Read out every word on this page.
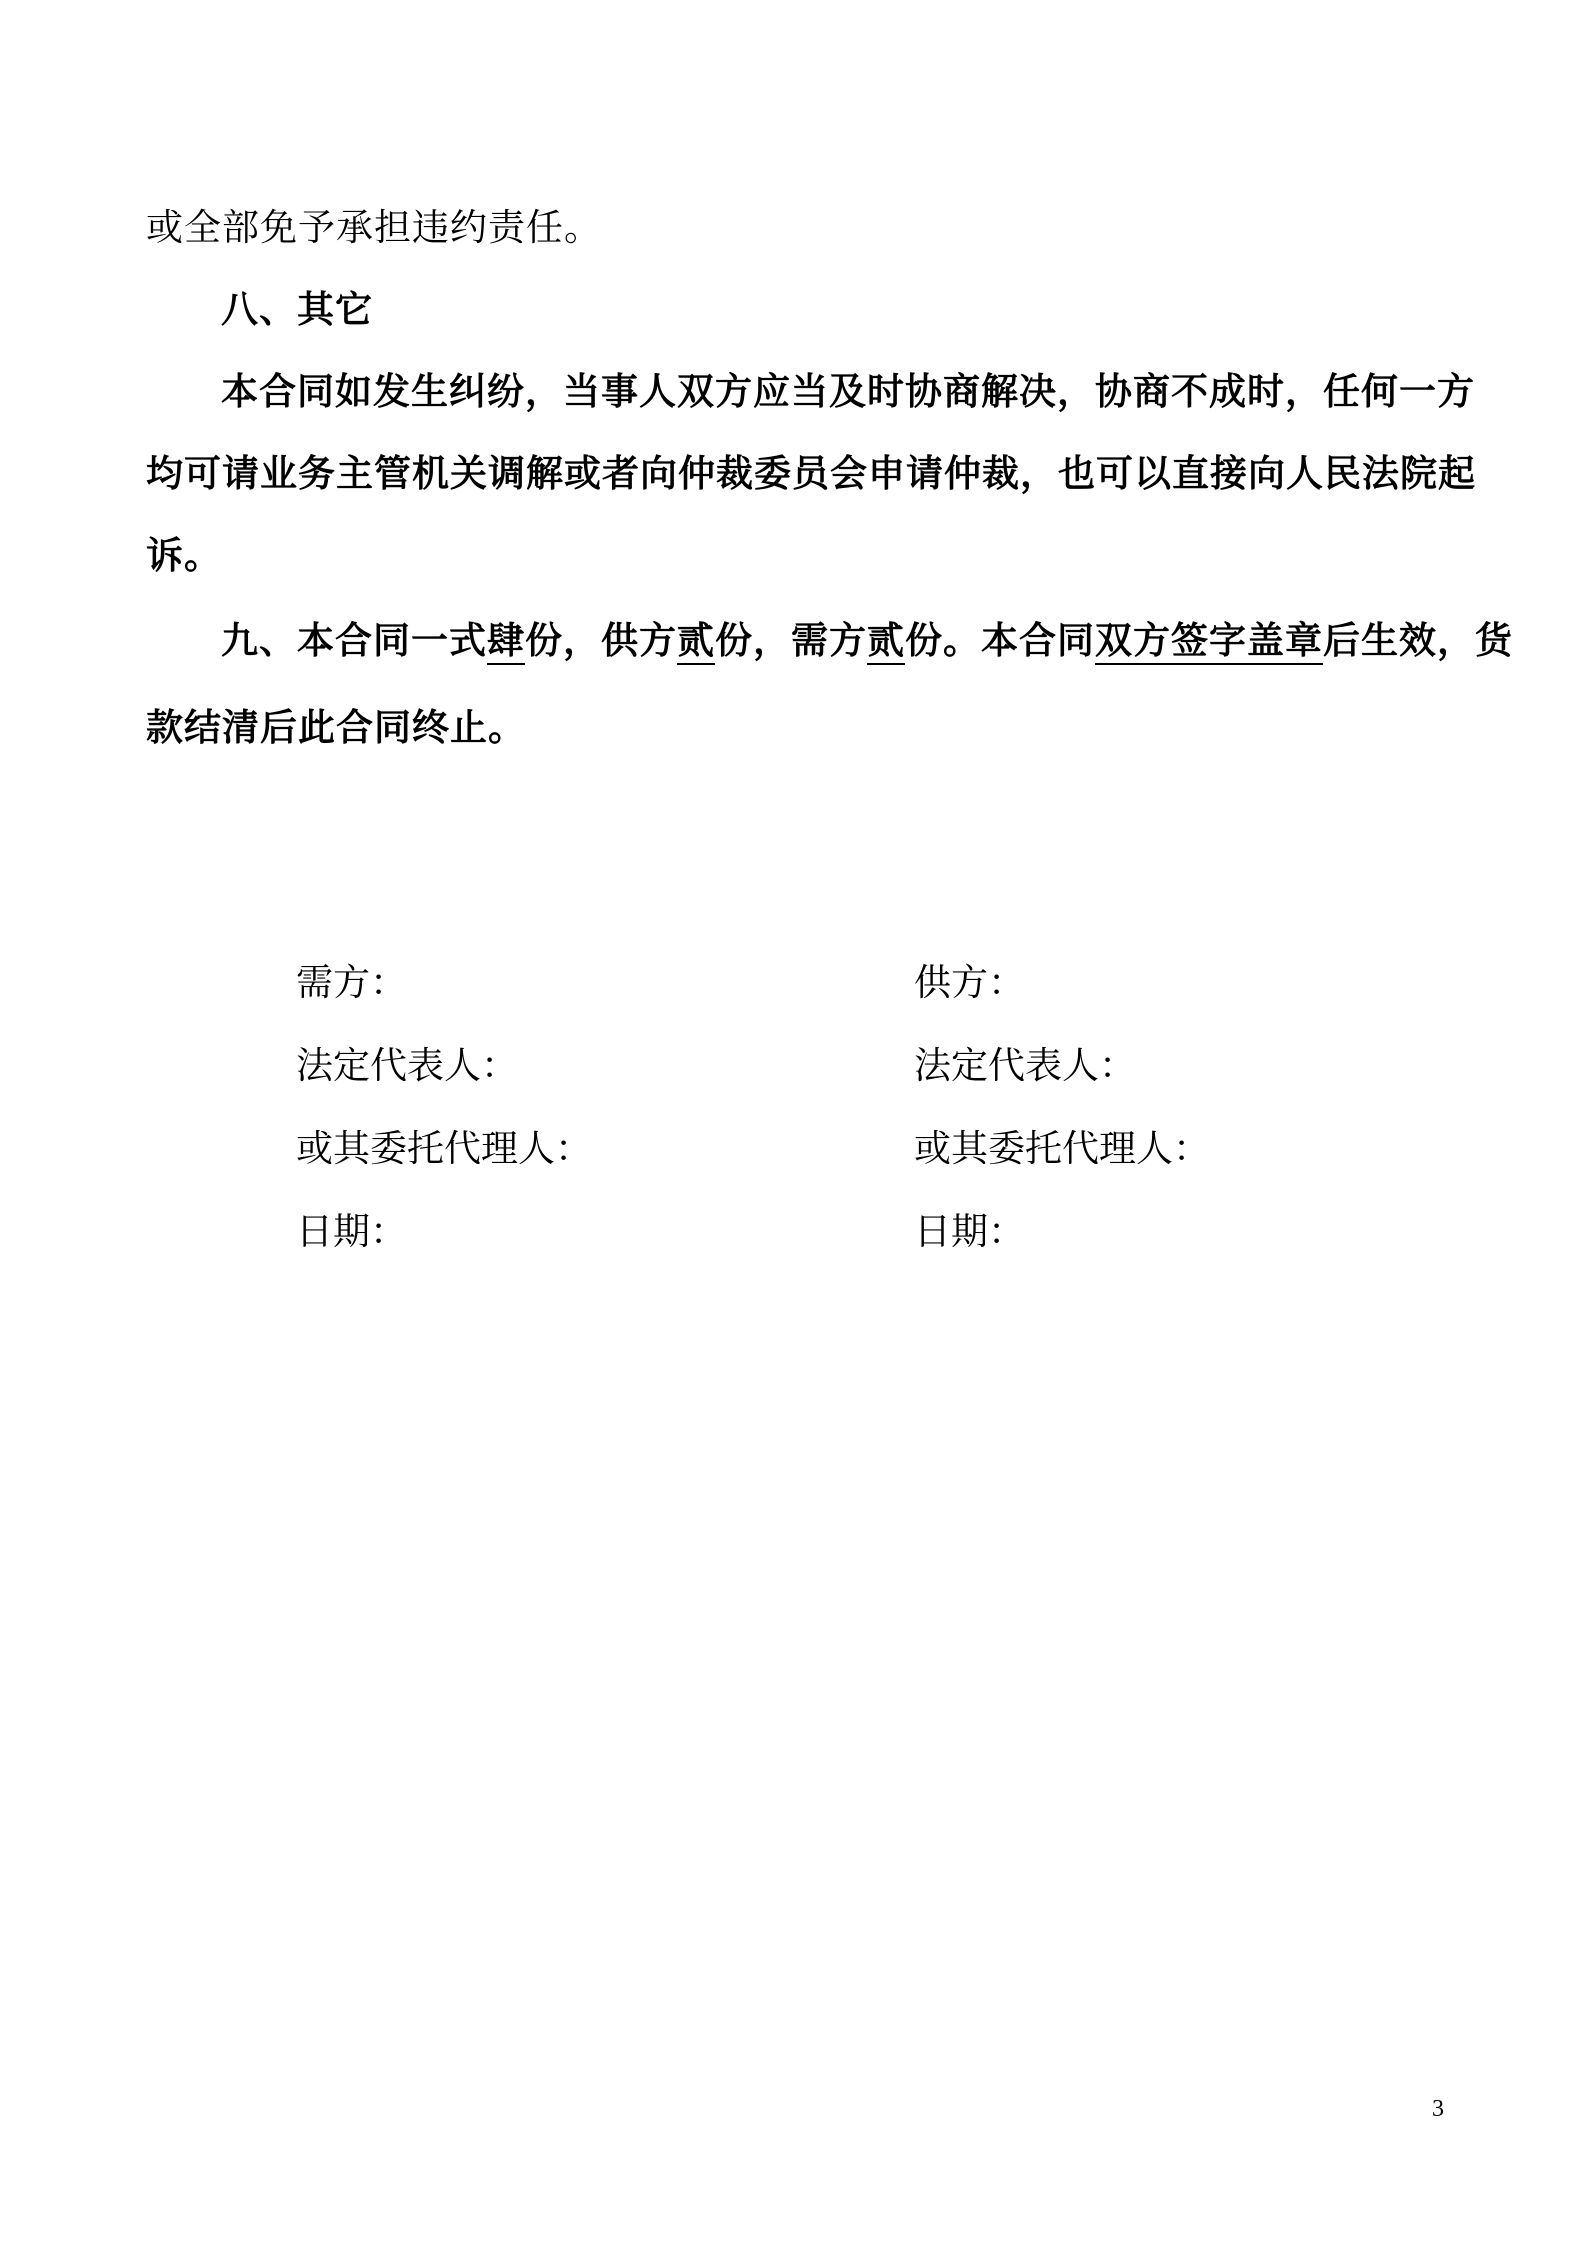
或全部免予承担违约责任。
八、其它
本合同如发生纠纷，当事人双方应当及时协商解决，协商不成时，任何一方
均可请业务主管机关调解或者向仲裁委员会申请仲裁，也可以直接向人民法院起
诉。
九、本合同一式肆份，供方贰份，需方贰份。本合同双方签字盖章后生效，货
款结清后此合同终止。
需方：
法定代表人：
或其委托代理人：
日期：
供方：
法定代表人：
或其委托代理人：
日期：
3
